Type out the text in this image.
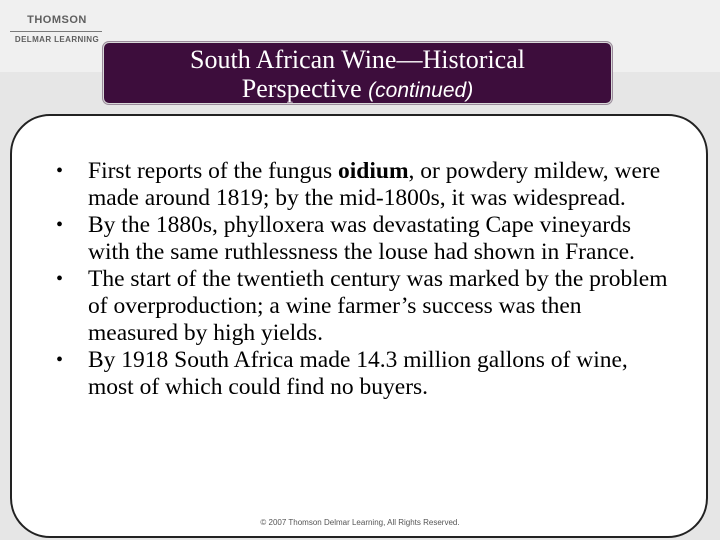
THOMSON
DELMAR LEARNING
South African Wine—Historical
Perspective (continued)
• First reports of the fungus oidium, or powdery mildew, were made around 1819; by the mid-1800s, it was widespread.
• By the 1880s, phylloxera was devastating Cape vineyards with the same ruthlessness the louse had shown in France.
• The start of the twentieth century was marked by the problem of overproduction; a wine farmer’s success was then measured by high yields.
• By 1918 South Africa made 14.3 million gallons of wine, most of which could find no buyers.
© 2007 Thomson Delmar Learning, All Rights Reserved.
